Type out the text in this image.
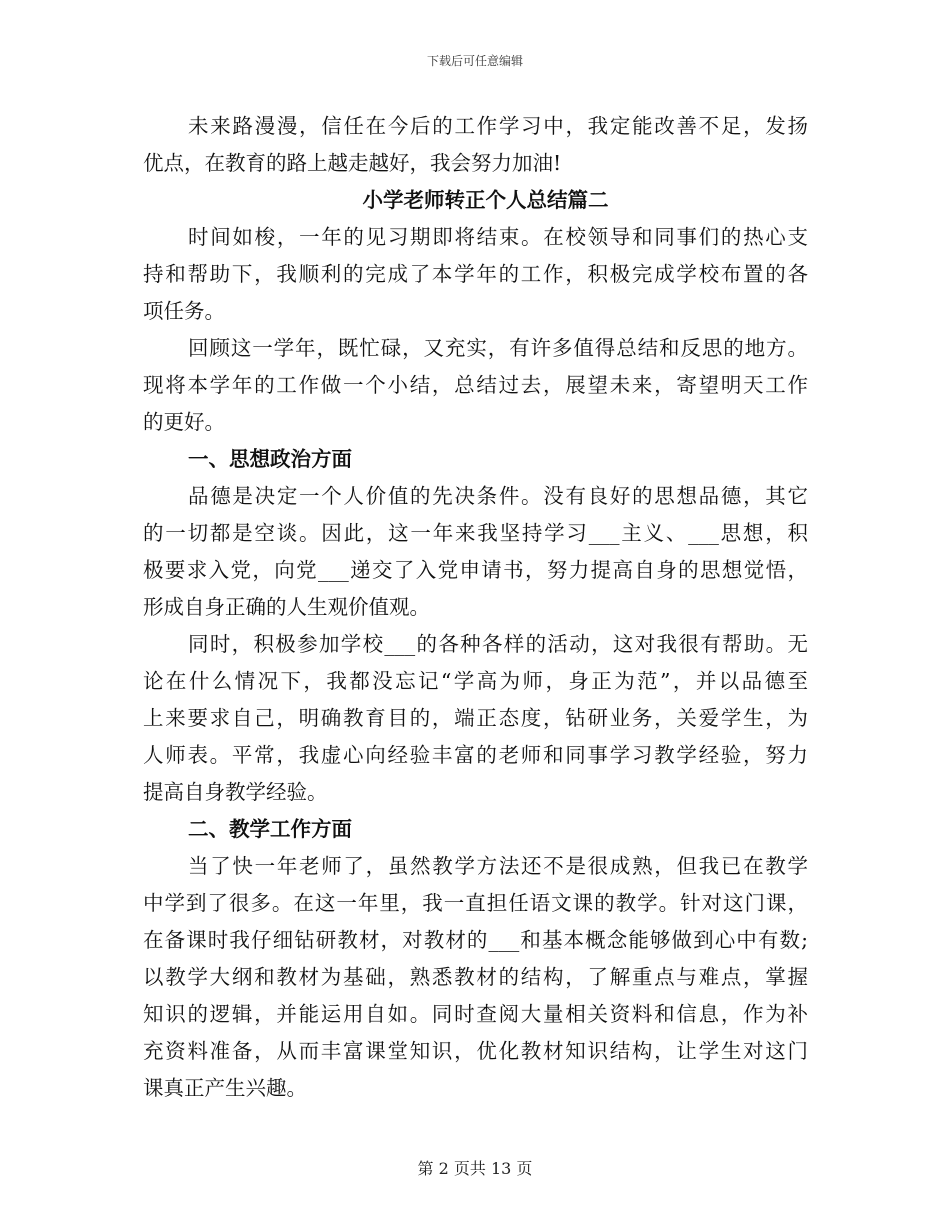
下载后可任意编辑
未来路漫漫，信任在今后的工作学习中，我定能改善不足，发扬
优点，在教育的路上越走越好，我会努力加油!
小学老师转正个人总结篇二
时间如梭，一年的见习期即将结束。在校领导和同事们的热心支
持和帮助下，我顺利的完成了本学年的工作，积极完成学校布置的各
项任务。
回顾这一学年，既忙碌，又充实，有许多值得总结和反思的地方。
现将本学年的工作做一个小结，总结过去，展望未来，寄望明天工作
的更好。
一、思想政治方面
品德是决定一个人价值的先决条件。没有良好的思想品德，其它
的一切都是空谈。因此，这一年来我坚持学习___主义、___思想，积
极要求入党，向党___递交了入党申请书，努力提高自身的思想觉悟，
形成自身正确的人生观价值观。
同时，积极参加学校___的各种各样的活动，这对我很有帮助。无
论在什么情况下，我都没忘记“学高为师，身正为范”，并以品德至
上来要求自己，明确教育目的，端正态度，钻研业务，关爱学生，为
人师表。平常，我虚心向经验丰富的老师和同事学习教学经验，努力
提高自身教学经验。
二、教学工作方面
当了快一年老师了，虽然教学方法还不是很成熟，但我已在教学
中学到了很多。在这一年里，我一直担任语文课的教学。针对这门课，
在备课时我仔细钻研教材，对教材的___和基本概念能够做到心中有数;
以教学大纲和教材为基础，熟悉教材的结构，了解重点与难点，掌握
知识的逻辑，并能运用自如。同时查阅大量相关资料和信息，作为补
充资料准备，从而丰富课堂知识，优化教材知识结构，让学生对这门
课真正产生兴趣。
第 2 页共 13 页
